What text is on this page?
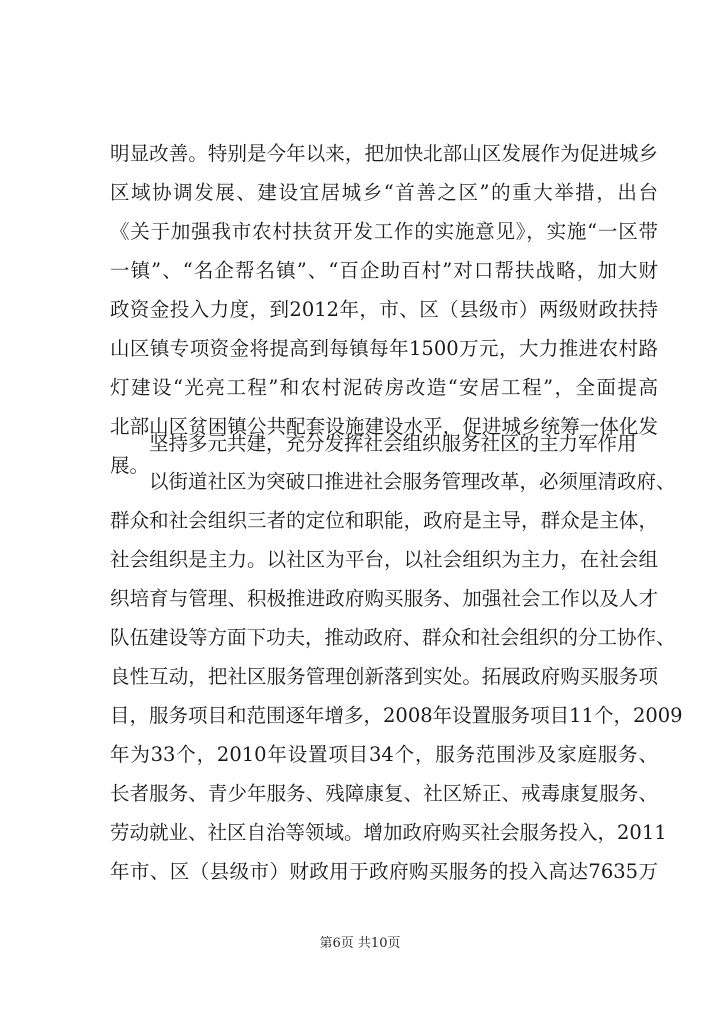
明显改善。特别是今年以来，把加快北部山区发展作为促进城乡
区域协调发展、建设宜居城乡“首善之区”的重大举措，出台
《关于加强我市农村扶贫开发工作的实施意见》，实施“一区带
一镇”、“名企帮名镇”、“百企助百村”对口帮扶战略，加大财
政资金投入力度，到2012年，市、区（县级市）两级财政扶持
山区镇专项资金将提高到每镇每年1500万元，大力推进农村路
灯建设“光亮工程”和农村泥砖房改造“安居工程”，全面提高
北部山区贫困镇公共配套设施建设水平，促进城乡统筹一体化发
展。
坚持多元共建，充分发挥社会组织服务社区的主力军作用
以街道社区为突破口推进社会服务管理改革，必须厘清政府、
群众和社会组织三者的定位和职能，政府是主导，群众是主体，
社会组织是主力。以社区为平台，以社会组织为主力，在社会组
织培育与管理、积极推进政府购买服务、加强社会工作以及人才
队伍建设等方面下功夫，推动政府、群众和社会组织的分工协作、
良性互动，把社区服务管理创新落到实处。拓展政府购买服务项
目，服务项目和范围逐年增多，2008年设置服务项目11个，2009
年为33个，2010年设置项目34个，服务范围涉及家庭服务、
长者服务、青少年服务、残障康复、社区矫正、戒毒康复服务、
劳动就业、社区自治等领域。增加政府购买社会服务投入，2011
年市、区（县级市）财政用于政府购买服务的投入高达7635万
第6页 共10页
